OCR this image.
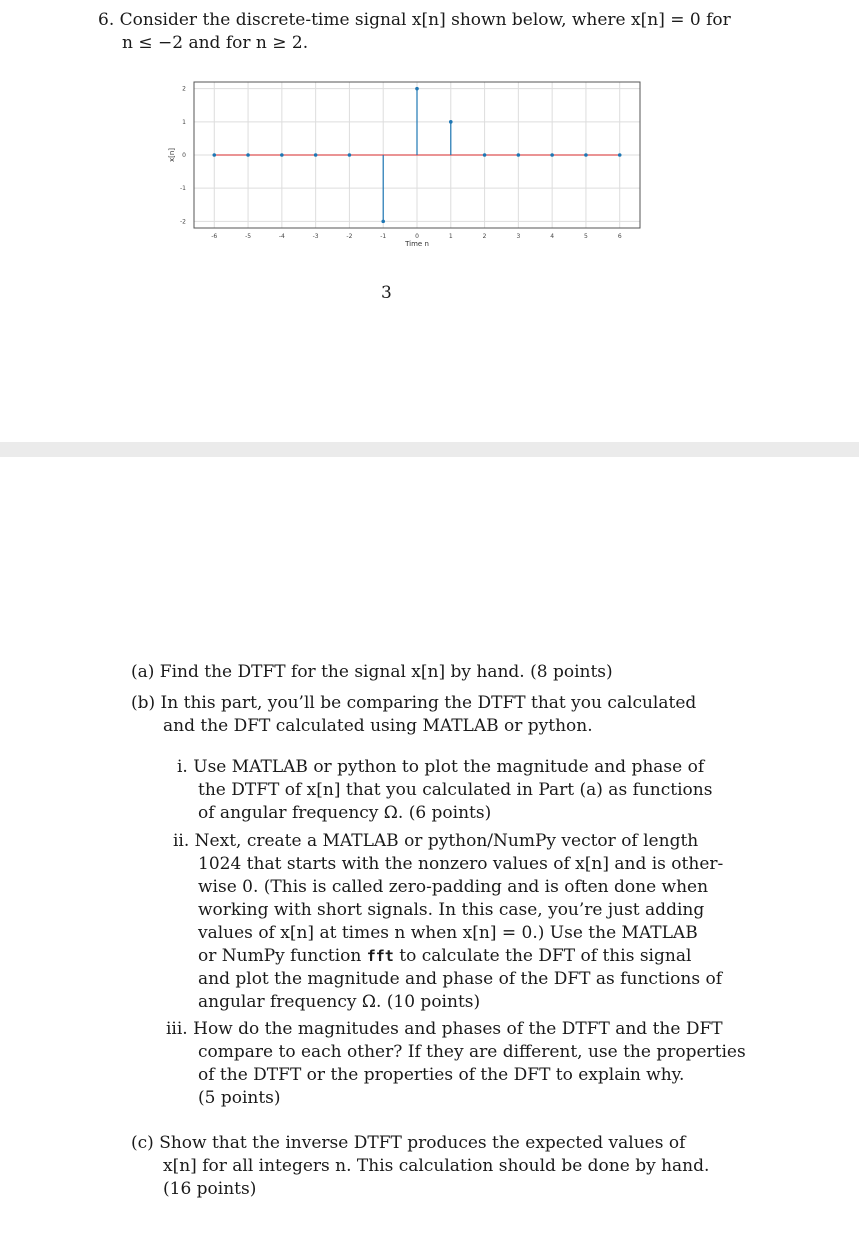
6. Consider the discrete-time signal x[n] shown below, where x[n] = 0 for
n ≤ −2 and for n ≥ 2.
-6	-5	-4	-3	-2	-1	0	1	2	3	4	5	6
2
1
0
-1
-2
Time n
x[n]
3
(a) Find the DTFT for the signal x[n] by hand. (8 points)
(b) In this part, you’ll be comparing the DTFT that you calculated
and the DFT calculated using MATLAB or python.
i. Use MATLAB or python to plot the magnitude and phase of
the DTFT of x[n] that you calculated in Part (a) as functions
of angular frequency Ω. (6 points)
ii. Next, create a MATLAB or python/NumPy vector of length
1024 that starts with the nonzero values of x[n] and is other-
wise 0. (This is called zero-padding and is often done when
working with short signals. In this case, you’re just adding
values of x[n] at times n when x[n] = 0.) Use the MATLAB
or NumPy function fft to calculate the DFT of this signal
and plot the magnitude and phase of the DFT as functions of
angular frequency Ω. (10 points)
iii. How do the magnitudes and phases of the DTFT and the DFT
compare to each other? If they are different, use the properties
of the DTFT or the properties of the DFT to explain why.
(5 points)
(c) Show that the inverse DTFT produces the expected values of
x[n] for all integers n. This calculation should be done by hand.
(16 points)
